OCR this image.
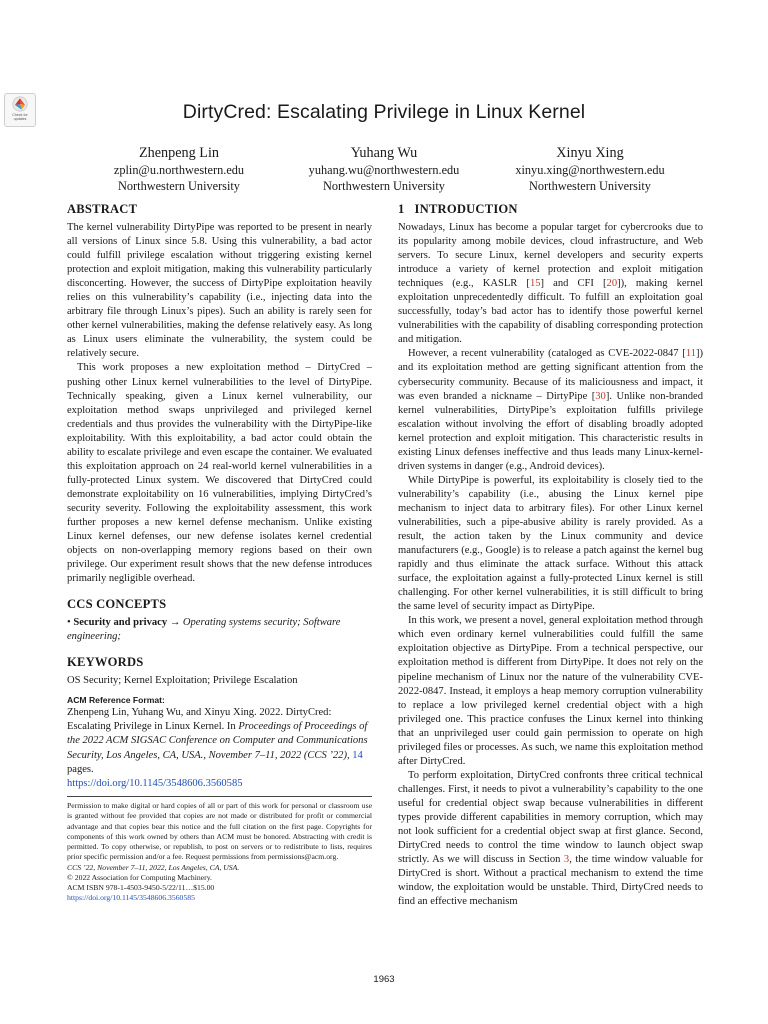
Check for
updates	DirtyCred: Escalating Privilege in Linux Kernel
Zhenpeng Lin
zplin@u.northwestern.edu
Northwestern University
Yuhang Wu
yuhang.wu@northwestern.edu
Northwestern University
Xinyu Xing
xinyu.xing@northwestern.edu
Northwestern University
ABSTRACT

The kernel vulnerability DirtyPipe was reported to be present in nearly all versions of Linux since 5.8. Using this vulnerability, a bad actor could fulfill privilege escalation without triggering existing kernel protection and exploit mitigation, making this vulnerability particularly disconcerting. However, the success of DirtyPipe exploitation heavily relies on this vulnerability’s capability (i.e., injecting data into the arbitrary file through Linux’s pipes). Such an ability is rarely seen for other kernel vulnerabilities, making the defense relatively easy. As long as Linux users eliminate the vulnerability, the system could be relatively secure.

This work proposes a new exploitation method – DirtyCred – pushing other Linux kernel vulnerabilities to the level of DirtyPipe. Technically speaking, given a Linux kernel vulnerability, our exploitation method swaps unprivileged and privileged kernel credentials and thus provides the vulnerability with the DirtyPipe-like exploitability. With this exploitability, a bad actor could obtain the ability to escalate privilege and even escape the container. We evaluated this exploitation approach on 24 real-world kernel vulnerabilities in a fully-protected Linux system. We discovered that DirtyCred could demonstrate exploitability on 16 vulnerabilities, implying DirtyCred’s security severity. Following the exploitability assessment, this work further proposes a new kernel defense mechanism. Unlike existing Linux kernel defenses, our new defense isolates kernel credential objects on non-overlapping memory regions based on their own privilege. Our experiment result shows that the new defense introduces primarily negligible overhead.

CCS CONCEPTS

• Security and privacy → Operating systems security; Software engineering;

KEYWORDS

OS Security; Kernel Exploitation; Privilege Escalation

ACM Reference Format:

Zhenpeng Lin, Yuhang Wu, and Xinyu Xing. 2022. DirtyCred: Escalating Privilege in Linux Kernel. In Proceedings of Proceedings of the 2022 ACM SIGSAC Conference on Computer and Communications Security, Los Angeles, CA, USA., November 7–11, 2022 (CCS ’22), 14 pages.
https://doi.org/10.1145/3548606.3560585

Permission to make digital or hard copies of all or part of this work for personal or classroom use is granted without fee provided that copies are not made or distributed for profit or commercial advantage and that copies bear this notice and the full citation on the first page. Copyrights for components of this work owned by others than ACM must be honored. Abstracting with credit is permitted. To copy otherwise, or republish, to post on servers or to redistribute to lists, requires prior specific permission and/or a fee. Request permissions from permissions@acm.org.

CCS ’22, November 7–11, 2022, Los Angeles, CA, USA.

© 2022 Association for Computing Machinery.

ACM ISBN 978-1-4503-9450-5/22/11…$15.00

https://doi.org/10.1145/3548606.3560585

1   INTRODUCTION

Nowadays, Linux has become a popular target for cybercrooks due to its popularity among mobile devices, cloud infrastructure, and Web servers. To secure Linux, kernel developers and security experts introduce a variety of kernel protection and exploit mitigation techniques (e.g., KASLR [15] and CFI [20]), making kernel exploitation unprecedentedly difficult. To fulfill an exploitation goal successfully, today’s bad actor has to identify those powerful kernel vulnerabilities with the capability of disabling corresponding protection and mitigation.

However, a recent vulnerability (cataloged as CVE-2022-0847 [11]) and its exploitation method are getting significant attention from the cybersecurity community. Because of its maliciousness and impact, it was even branded a nickname – DirtyPipe [30]. Unlike non-branded kernel vulnerabilities, DirtyPipe’s exploitation fulfills privilege escalation without involving the effort of disabling broadly adopted kernel protection and exploit mitigation. This characteristic results in existing Linux defenses ineffective and thus leads many Linux-kernel-driven systems in danger (e.g., Android devices).

While DirtyPipe is powerful, its exploitability is closely tied to the vulnerability’s capability (i.e., abusing the Linux kernel pipe mechanism to inject data to arbitrary files). For other Linux kernel vulnerabilities, such a pipe-abusive ability is rarely provided. As a result, the action taken by the Linux community and device manufacturers (e.g., Google) is to release a patch against the kernel bug rapidly and thus eliminate the attack surface. Without this attack surface, the exploitation against a fully-protected Linux kernel is still challenging. For other kernel vulnerabilities, it is still difficult to bring the same level of security impact as DirtyPipe.

In this work, we present a novel, general exploitation method through which even ordinary kernel vulnerabilities could fulfill the same exploitation objective as DirtyPipe. From a technical perspective, our exploitation method is different from DirtyPipe. It does not rely on the pipeline mechanism of Linux nor the nature of the vulnerability CVE-2022-0847. Instead, it employs a heap memory corruption vulnerability to replace a low privileged kernel credential object with a high privileged one. This practice confuses the Linux kernel into thinking that an unprivileged user could gain permission to operate on high privileged files or processes. As such, we name this exploitation method after DirtyCred.

To perform exploitation, DirtyCred confronts three critical technical challenges. First, it needs to pivot a vulnerability’s capability to the one useful for credential object swap because vulnerabilities in different types provide different capabilities in memory corruption, which may not look sufficient for a credential object swap at first glance. Second, DirtyCred needs to control the time window to launch object swap strictly. As we will discuss in Section 3, the time window valuable for DirtyCred is short. Without a practical mechanism to extend the time window, the exploitation would be unstable. Third, DirtyCred needs to find an effective mechanism

1963
